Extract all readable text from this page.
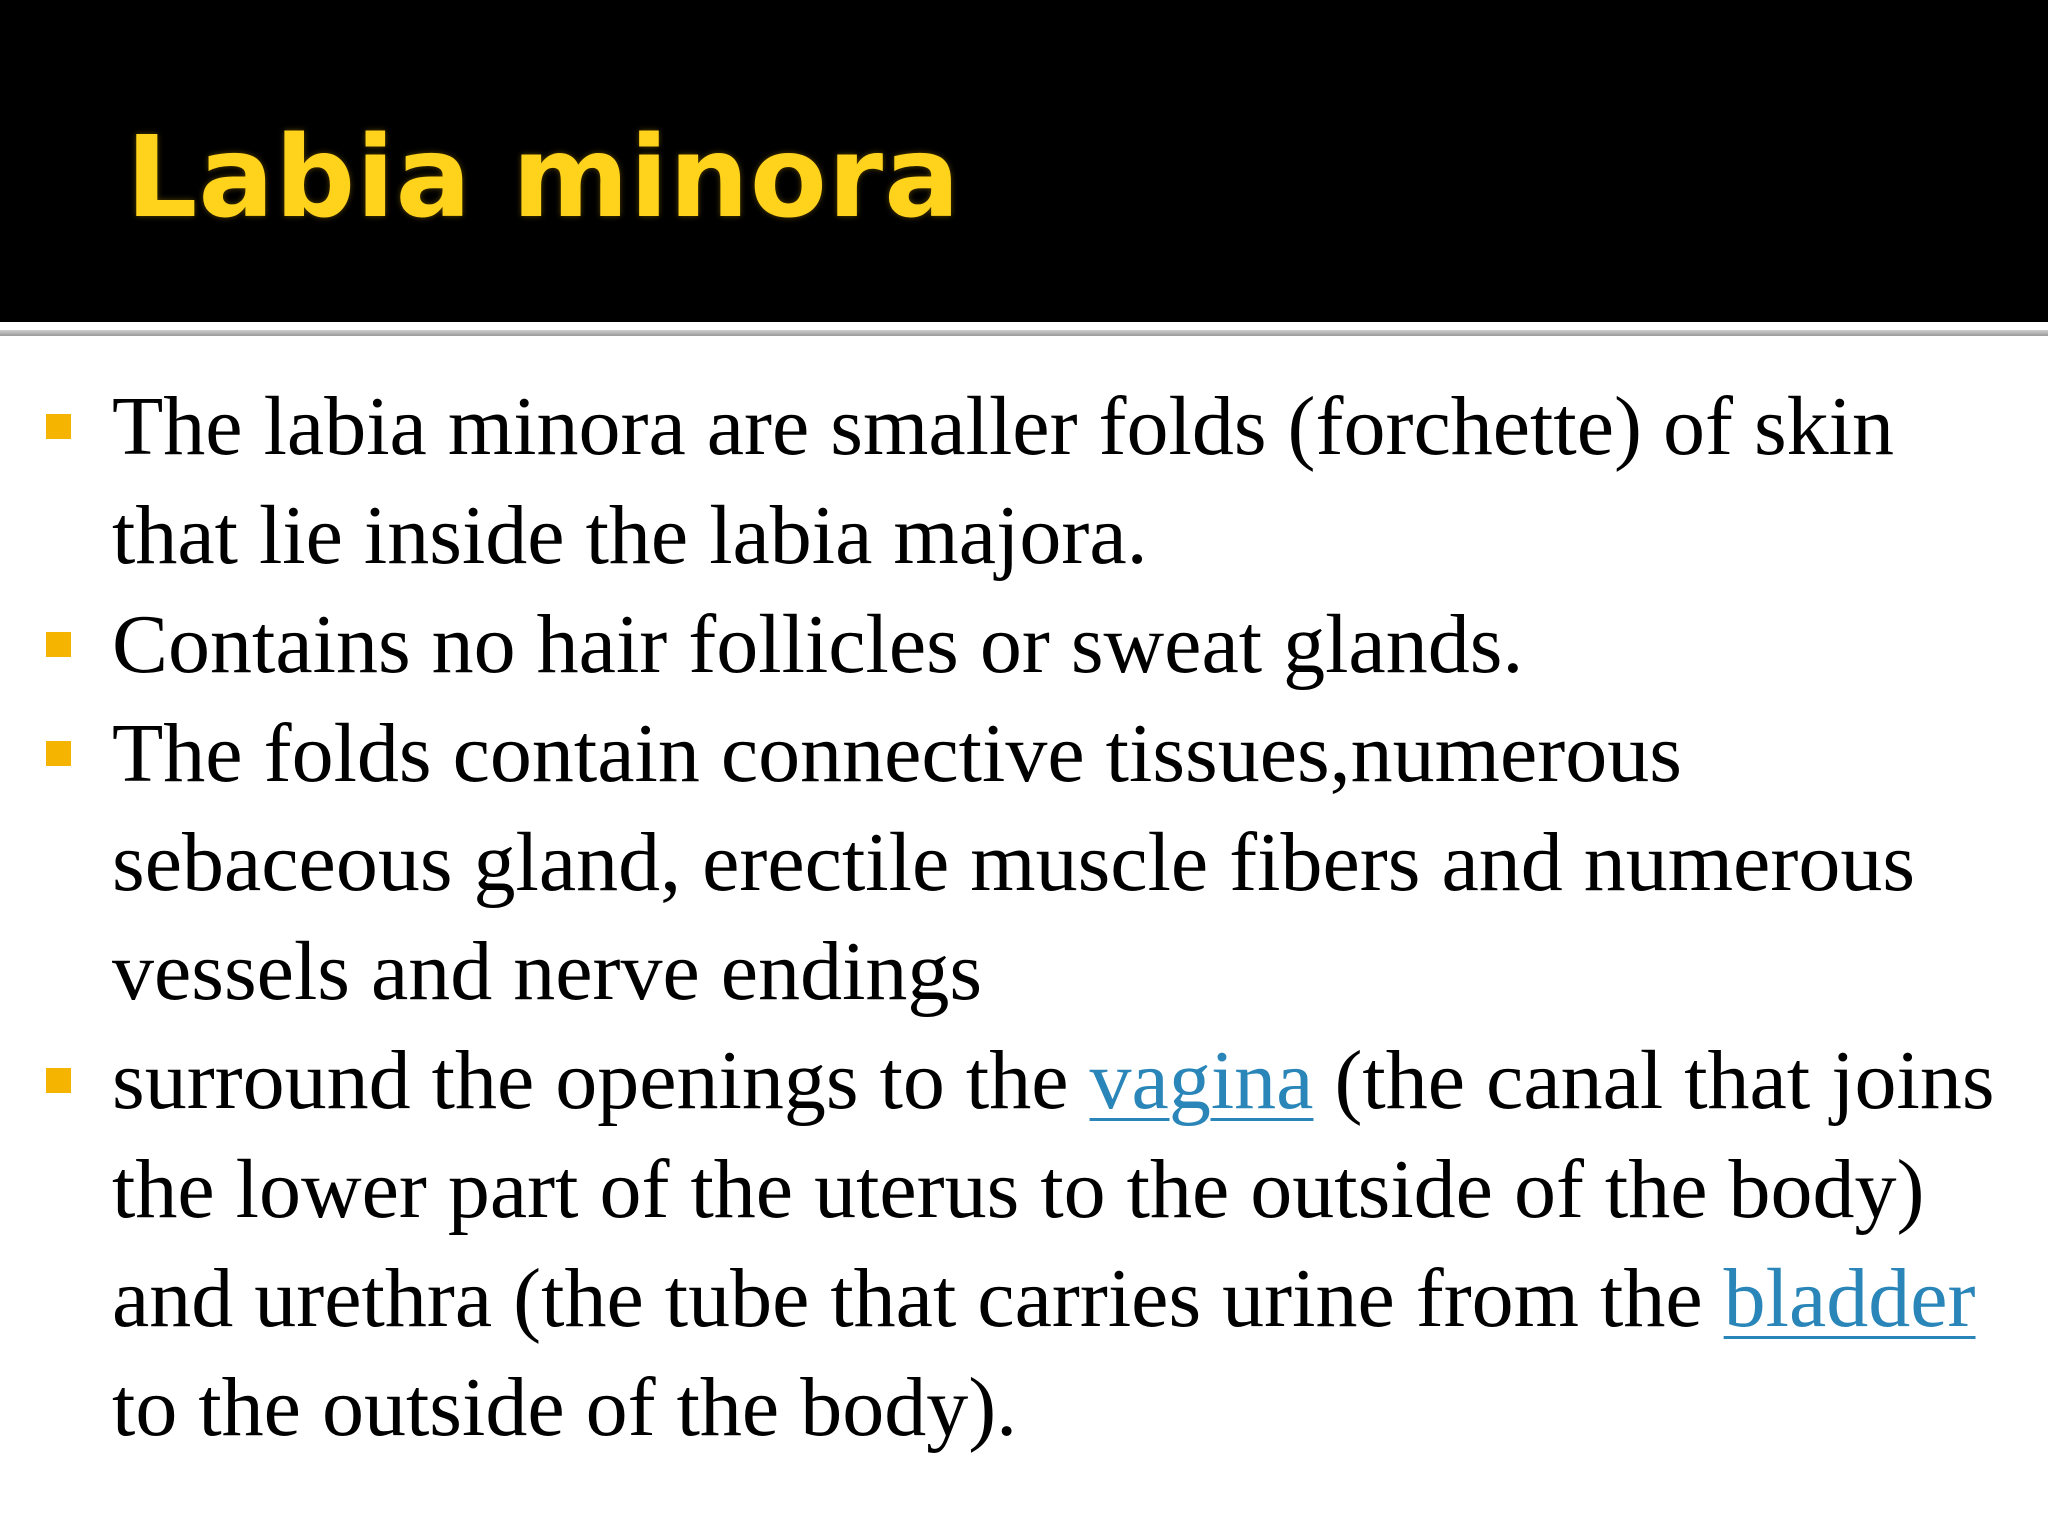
Labia minora
The labia minora are smaller folds (forchette) of skin that lie inside the labia majora.
Contains no hair follicles or sweat glands.
The folds contain connective tissues,numerous sebaceous gland, erectile muscle fibers and numerous vessels and nerve endings
surround the openings to the vagina (the canal that joins the lower part of the uterus to the outside of the body) and urethra (the tube that carries urine from the bladder to the outside of the body).
